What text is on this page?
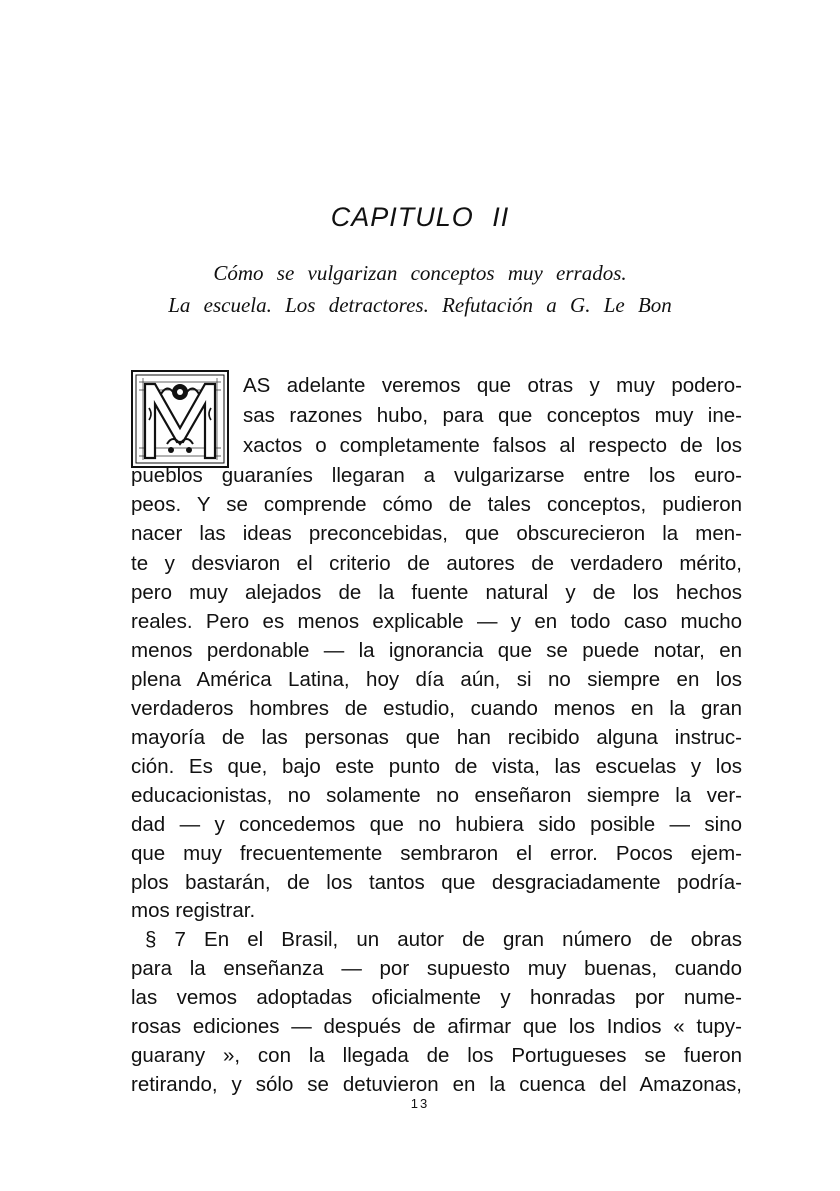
CAPITULO II
Cómo se vulgarizan conceptos muy errados.
La escuela. Los detractores. Refutación a G. Le Bon
AS adelante veremos que otras y muy podero-
sas razones hubo, para que conceptos muy ine-
xactos o completamente falsos al respecto de los
pueblos guaraníes llegaran a vulgarizarse entre los euro-
peos. Y se comprende cómo de tales conceptos, pudieron
nacer las ideas preconcebidas, que obscurecieron la men-
te y desviaron el criterio de autores de verdadero mérito,
pero muy alejados de la fuente natural y de los hechos
reales. Pero es menos explicable — y en todo caso mucho
menos perdonable — la ignorancia que se puede notar, en
plena América Latina, hoy día aún, si no siempre en los
verdaderos hombres de estudio, cuando menos en la gran
mayoría de las personas que han recibido alguna instruc-
ción. Es que, bajo este punto de vista, las escuelas y los
educacionistas, no solamente no enseñaron siempre la ver-
dad — y concedemos que no hubiera sido posible — sino
que muy frecuentemente sembraron el error. Pocos ejem-
plos bastarán, de los tantos que desgraciadamente podría-
mos registrar.
§ 7 En el Brasil, un autor de gran número de obras
para la enseñanza — por supuesto muy buenas, cuando
las vemos adoptadas oficialmente y honradas por nume-
rosas ediciones — después de afirmar que los Indios « tupy-
guarany », con la llegada de los Portugueses se fueron
retirando, y sólo se detuvieron en la cuenca del Amazonas,
13
